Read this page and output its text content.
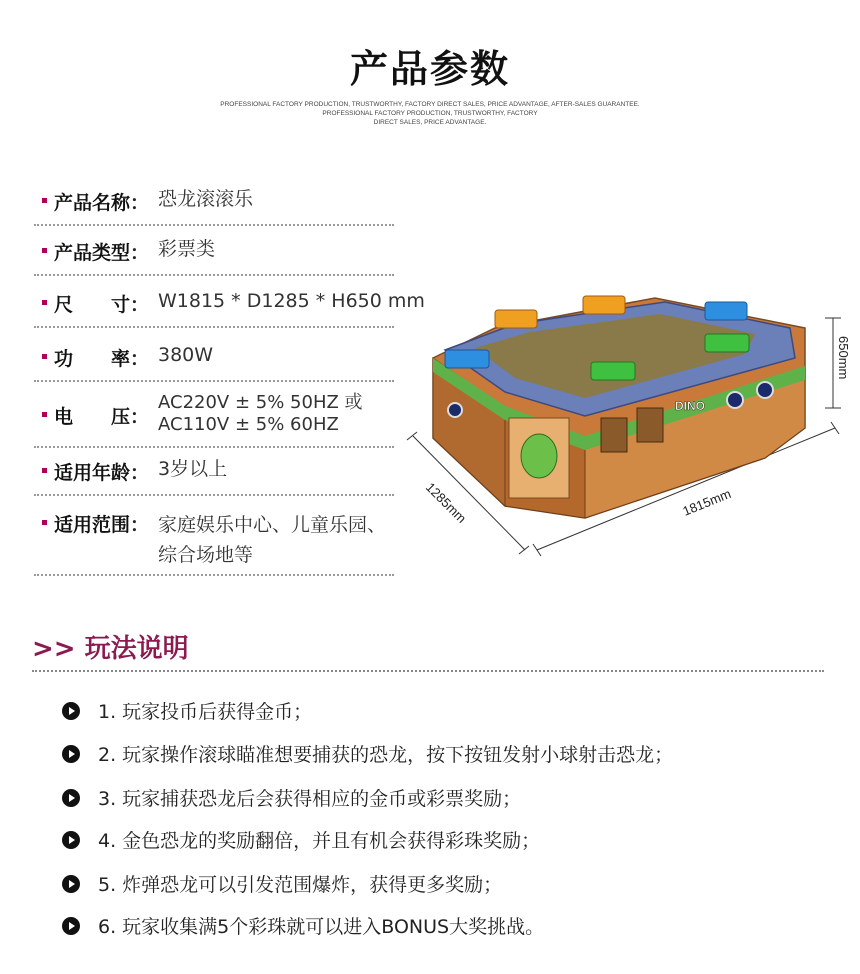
产品参数
PROFESSIONAL FACTORY PRODUCTION, TRUSTWORTHY, FACTORY DIRECT SALES, PRICE ADVANTAGE, AFTER-SALES GUARANTEE.
PROFESSIONAL FACTORY PRODUCTION, TRUSTWORTHY, FACTORY
DIRECT SALES, PRICE ADVANTAGE.
产品名称 ： 恐龙滚滚乐
产品类型 ： 彩票类
尺 寸 ： W1815 * D1285 * H650 mm
功 率 ： 380W
电 压 ：
AC220V ± 5% 50HZ 或
AC110V ± 5% 60HZ
适用年龄 ： 3岁以上
适用范围 ： 家庭娱乐中心、儿童乐园、
综合场地等
DINO
1285mm	1815mm
650mm
>> 玩法说明
1. 玩家投币后获得金币；
2. 玩家操作滚球瞄准想要捕获的恐龙，按下按钮发射小球射击恐龙；
3. 玩家捕获恐龙后会获得相应的金币或彩票奖励；
4. 金色恐龙的奖励翻倍，并且有机会获得彩珠奖励；
5. 炸弹恐龙可以引发范围爆炸，获得更多奖励；
6. 玩家收集满5个彩珠就可以进入BONUS大奖挑战。
